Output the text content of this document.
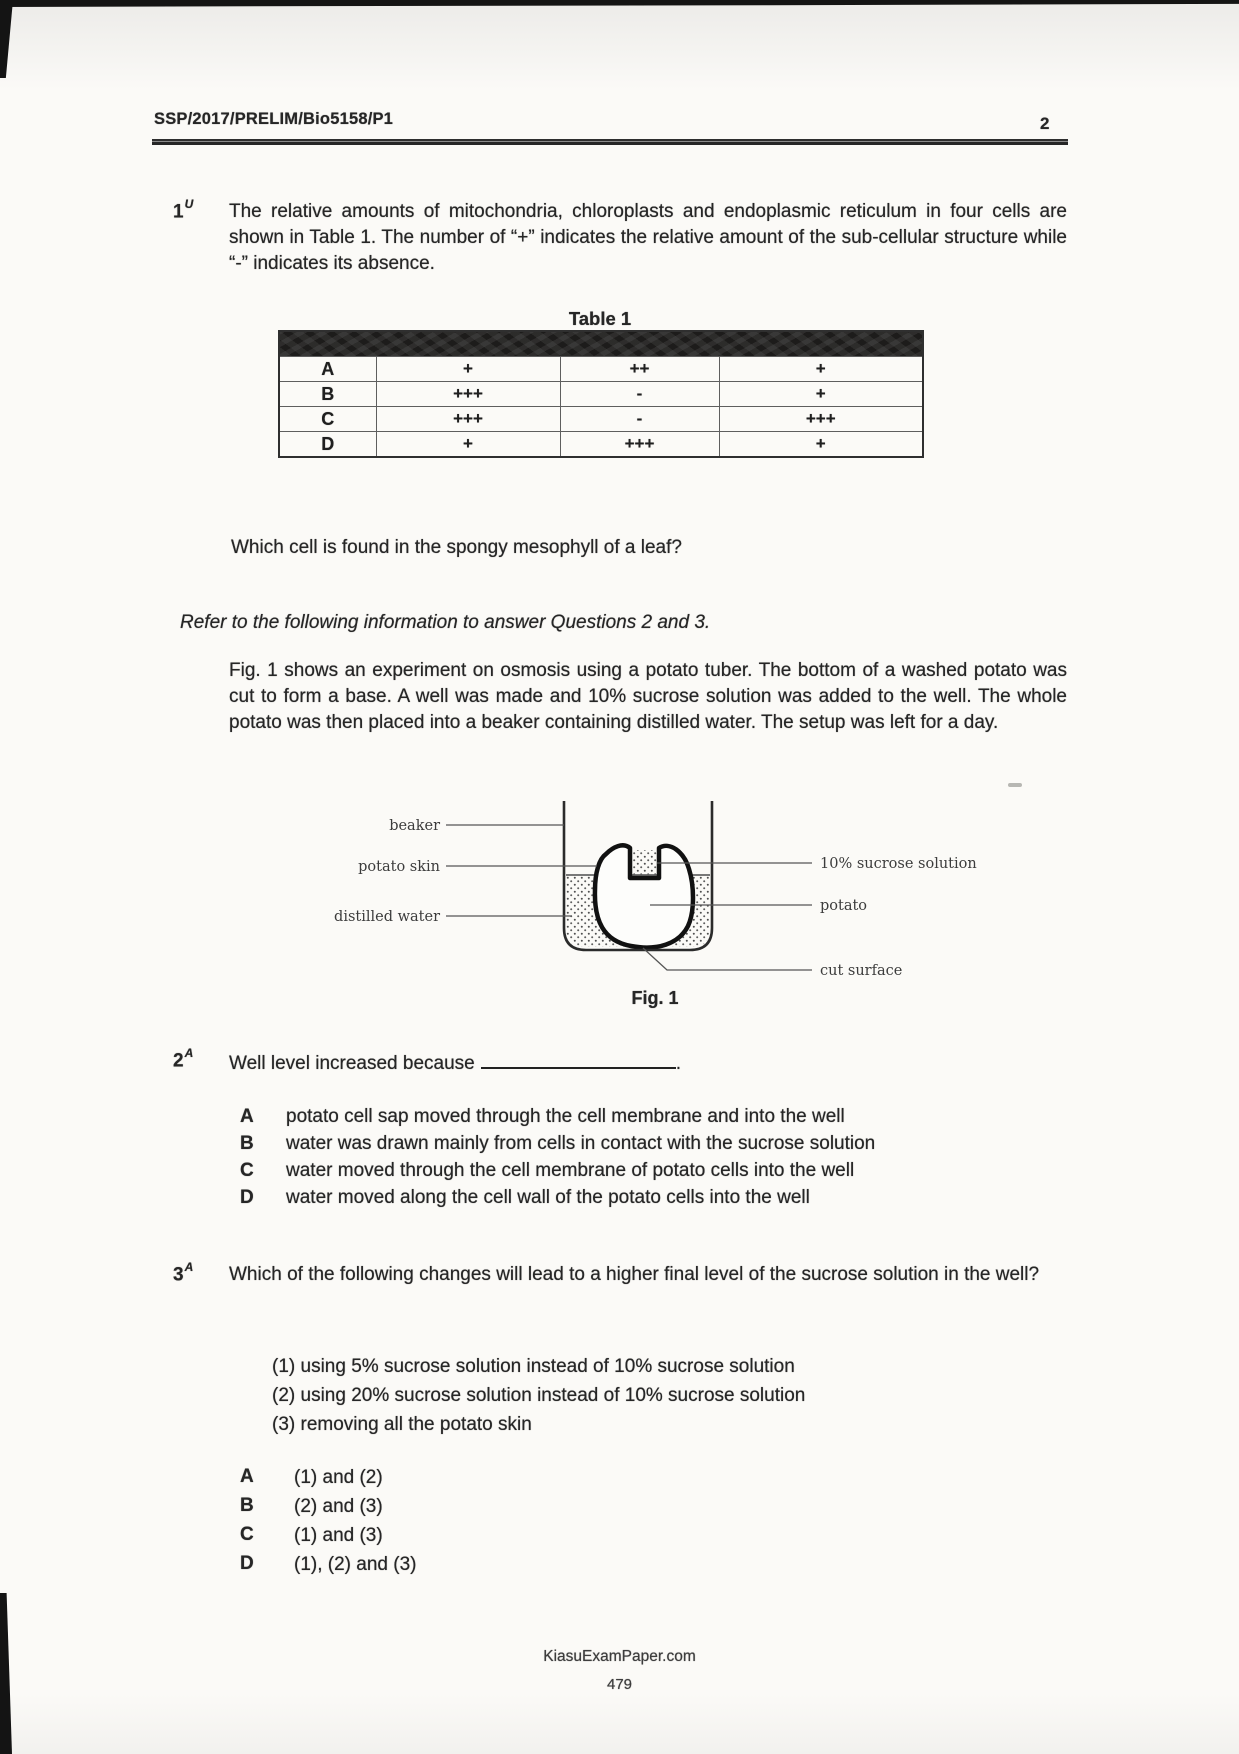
SSP/2017/PRELIM/Bio5158/P1	2
$1^U$ The relative amounts of mitochondria, chloroplasts and endoplasmic reticulum in four cells are shown in Table 1. The number of “+” indicates the relative amount of the sub-cellular structure while “-” indicates its absence.
Table 1

A	+	++	+
B	+++	-	+
C	+++	-	+++
D	+	+++	+
Which cell is found in the spongy mesophyll of a leaf?
Refer to the following information to answer Questions 2 and 3.
Fig. 1 shows an experiment on osmosis using a potato tuber. The bottom of a washed potato was cut to form a base. A well was made and 10% sucrose solution was added to the well. The whole potato was then placed into a beaker containing distilled water. The setup was left for a day.
beaker
potato skin
distilled water
10% sucrose solution
potato
cut surface
Fig. 1
$2^A$ Well level increased because	.
A	potato cell sap moved through the cell membrane and into the well
B	water was drawn mainly from cells in contact with the sucrose solution
C	water moved through the cell membrane of potato cells into the well
D	water moved along the cell wall of the potato cells into the well
$3^A$ Which of the following changes will lead to a higher final level of the sucrose solution in the well?
(1) using 5% sucrose solution instead of 10% sucrose solution
(2) using 20% sucrose solution instead of 10% sucrose solution
(3) removing all the potato skin
A	(1) and (2)
B	(2) and (3)
C	(1) and (3)
D	(1), (2) and (3)
KiasuExamPaper.com
479
